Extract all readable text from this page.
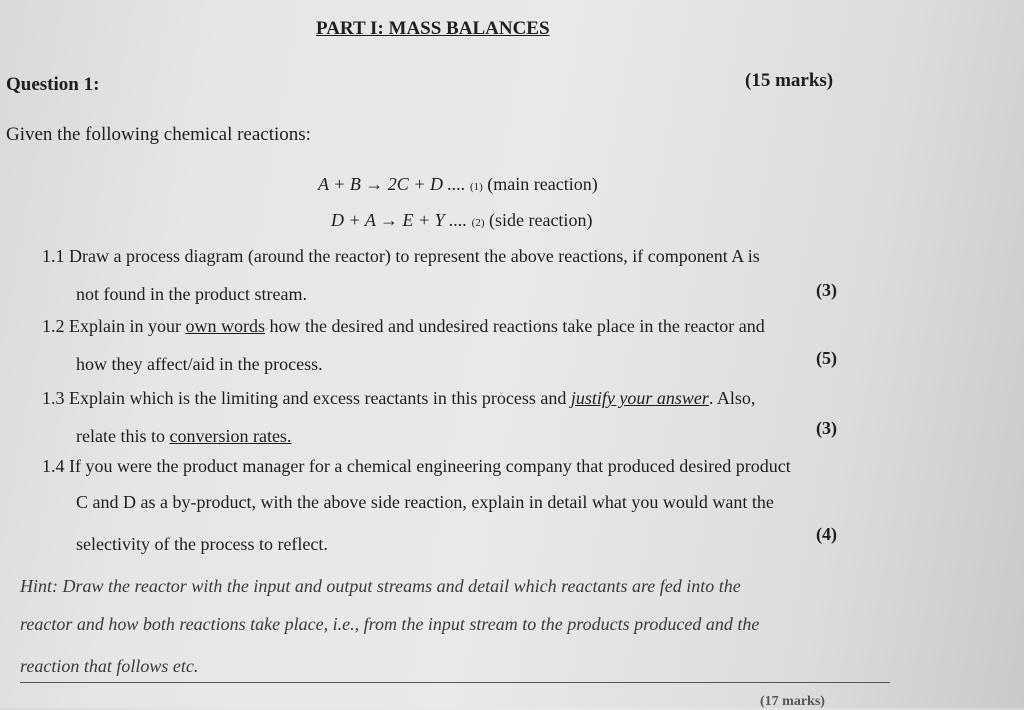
PART I: MASS BALANCES
Question 1:	(15 marks)
Given the following chemical reactions:
A + B → 2C + D .... (1) (main reaction)
D + A → E + Y .... (2) (side reaction)
1.1 Draw a process diagram (around the reactor) to represent the above reactions, if component A is
not found in the product stream.	(3)
1.2 Explain in your own words how the desired and undesired reactions take place in the reactor and
how they affect/aid in the process.	(5)
1.3 Explain which is the limiting and excess reactants in this process and justify your answer. Also,
relate this to conversion rates.	(3)
1.4 If you were the product manager for a chemical engineering company that produced desired product
C and D as a by-product, with the above side reaction, explain in detail what you would want the
selectivity of the process to reflect.	(4)
Hint: Draw the reactor with the input and output streams and detail which reactants are fed into the
reactor and how both reactions take place, i.e., from the input stream to the products produced and the
reaction that follows etc.
(17 marks)
